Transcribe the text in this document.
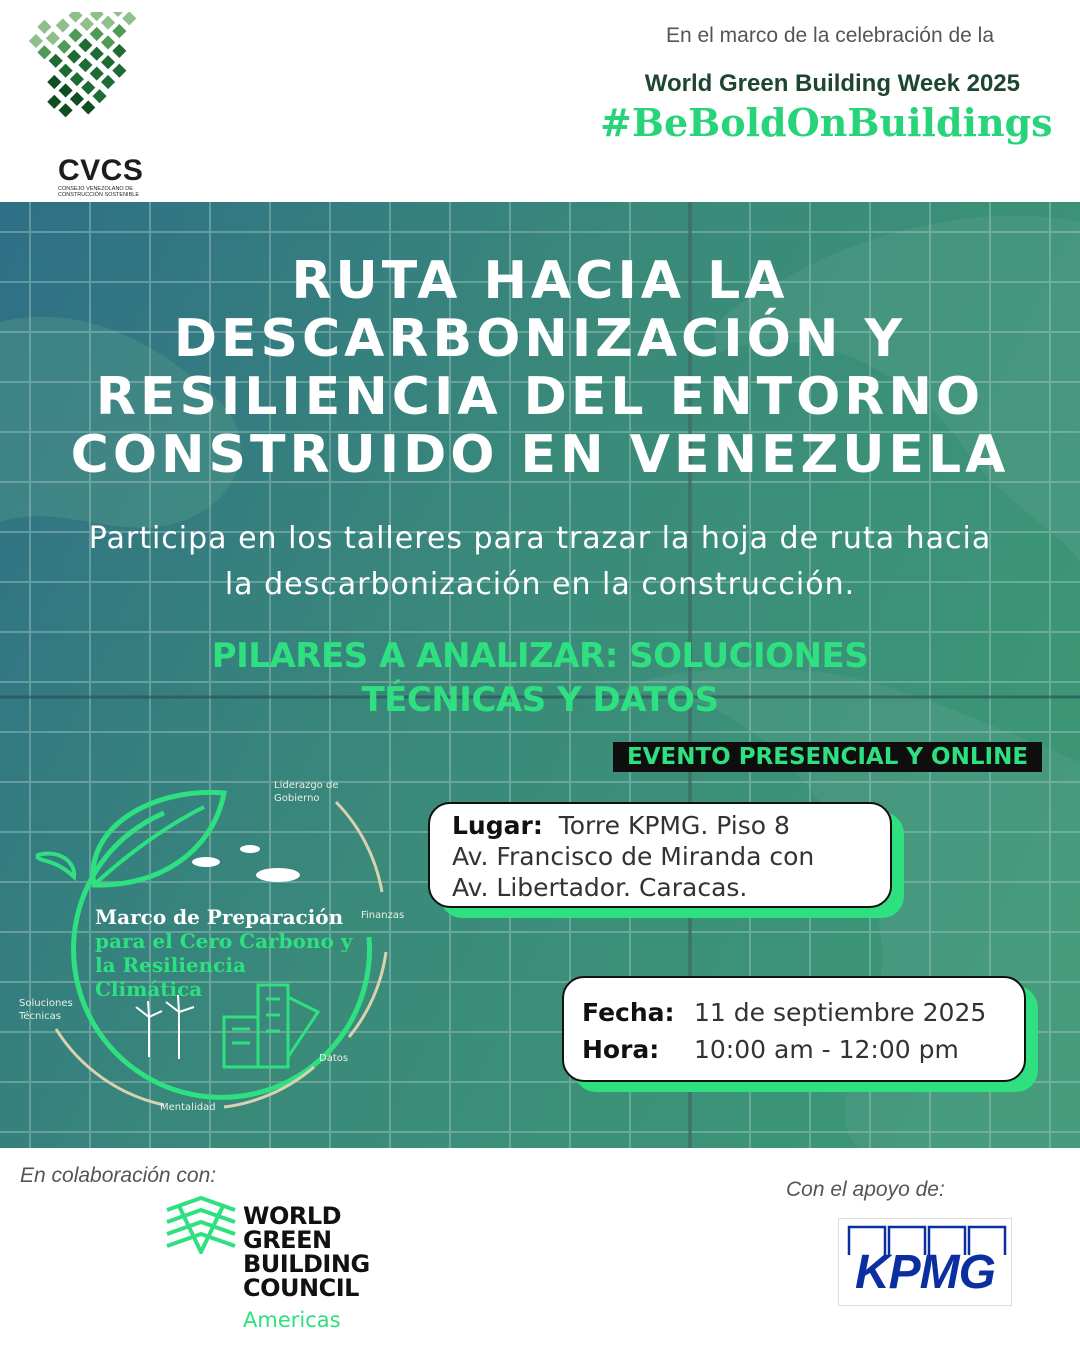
CVCS
CONSEJO VENEZOLANO DE CONSTRUCCIÓN SOSTENIBLE
En el marco de la celebración de la
World Green Building Week 2025
#BeBoldOnBuildings
RUTA HACIA LA DESCARBONIZACIÓN Y RESILIENCIA DEL ENTORNO CONSTRUIDO EN VENEZUELA
Participa en los talleres para trazar la hoja de ruta hacia la descarbonización en la construcción.
PILARES A ANALIZAR: SOLUCIONES TÉCNICAS Y DATOS
EVENTO PRESENCIAL Y ONLINE
Marco de Preparación
para el Cero Carbono y la Resiliencia Climática
Liderazgo de Gobierno
Finanzas
Datos
Mentalidad
Soluciones Técnicas
Lugar: Torre KPMG. Piso 8
Av. Francisco de Miranda con
Av. Libertador. Caracas.
Fecha: 11 de septiembre 2025
Hora: 10:00 am - 12:00 pm
En colaboración con:
Con el apoyo de:
WORLD
GREEN
BUILDING
COUNCIL
Americas
KPMG
